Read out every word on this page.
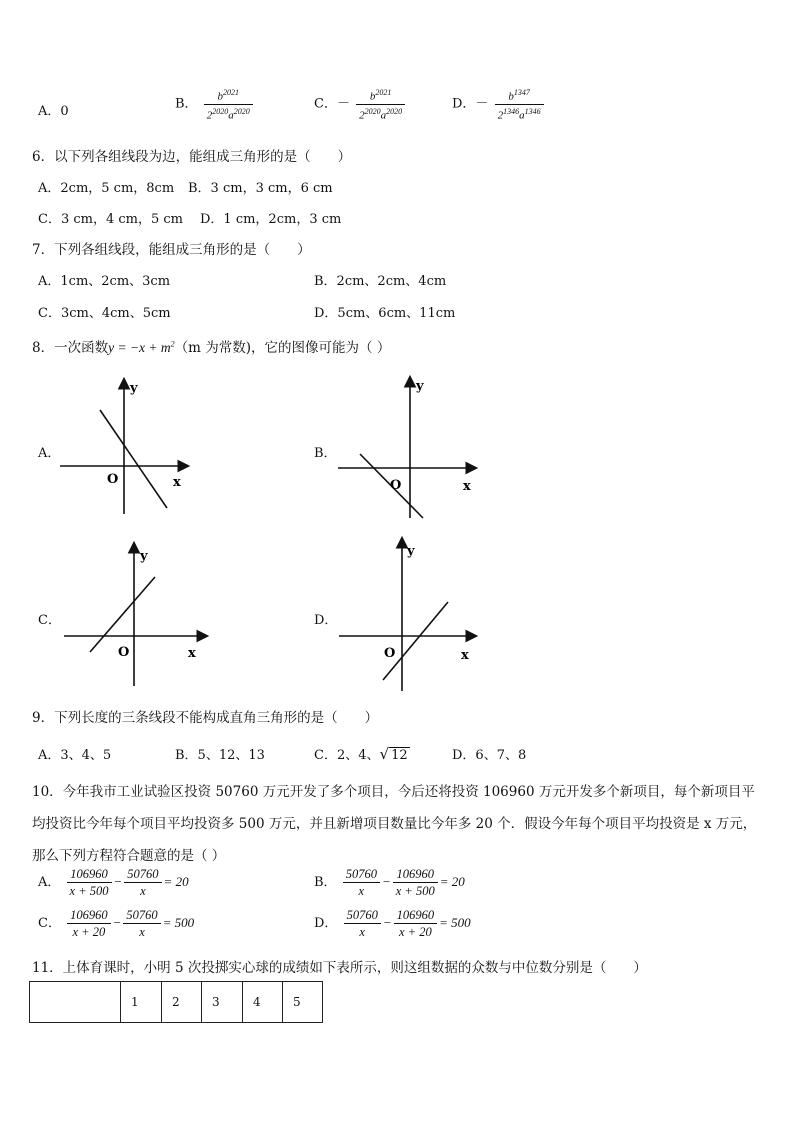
A．0	B． $\frac{b^{2021}}{2^{2020}a^{2020}}$	C．－ $\frac{b^{2021}}{2^{2020}a^{2020}}$	D．－ $\frac{b^{1347}}{2^{1346}a^{1346}}$
6．以下列各组线段为边，能组成三角形的是（　　）
A．2cm，5 cm，8cm B．3 cm，3 cm，6 cm
C．3 cm，4 cm，5 cm D．1 cm，2cm，3 cm
7．下列各组线段，能组成三角形的是（　　）
A．1cm、2cm、3cm	B．2cm、2cm、4cm
C．3cm、4cm、5cm	D．5cm、6cm、11cm
8．一次函数$y = -x + m^2(m$ 为常数)，它的图像可能为（ ）
A．
y
x
O
B．
y
x
O
C．
y
x
O
D．
y
x
O
9．下列长度的三条线段不能构成直角三角形的是（　　）
A．3、4、5	B．5、12、13	C．2、4、√ 12	D．6、7、8
10．今年我市工业试验区投资 50760 万元开发了多个项目，今后还将投资 106960 万元开发多个新项目，每个新项目平
均投资比今年每个项目平均投资多 500 万元，并且新增项目数量比今年多 20 个．假设今年每个项目平均投资是 x 万元，
那么下列方程符合题意的是（ ）
A． $\frac{106960}{x + 500} - \frac{50760}{x} = 20$	B． $\frac{50760}{x} - \frac{106960}{x + 500} = 20$
C． $\frac{106960}{x + 20} - \frac{50760}{x} = 500$	D． $\frac{50760}{x} - \frac{106960}{x + 20} = 500$
11．上体育课时，小明 5 次投掷实心球的成绩如下表所示，则这组数据的众数与中位数分别是（　　）
	1	2	3	4	5
